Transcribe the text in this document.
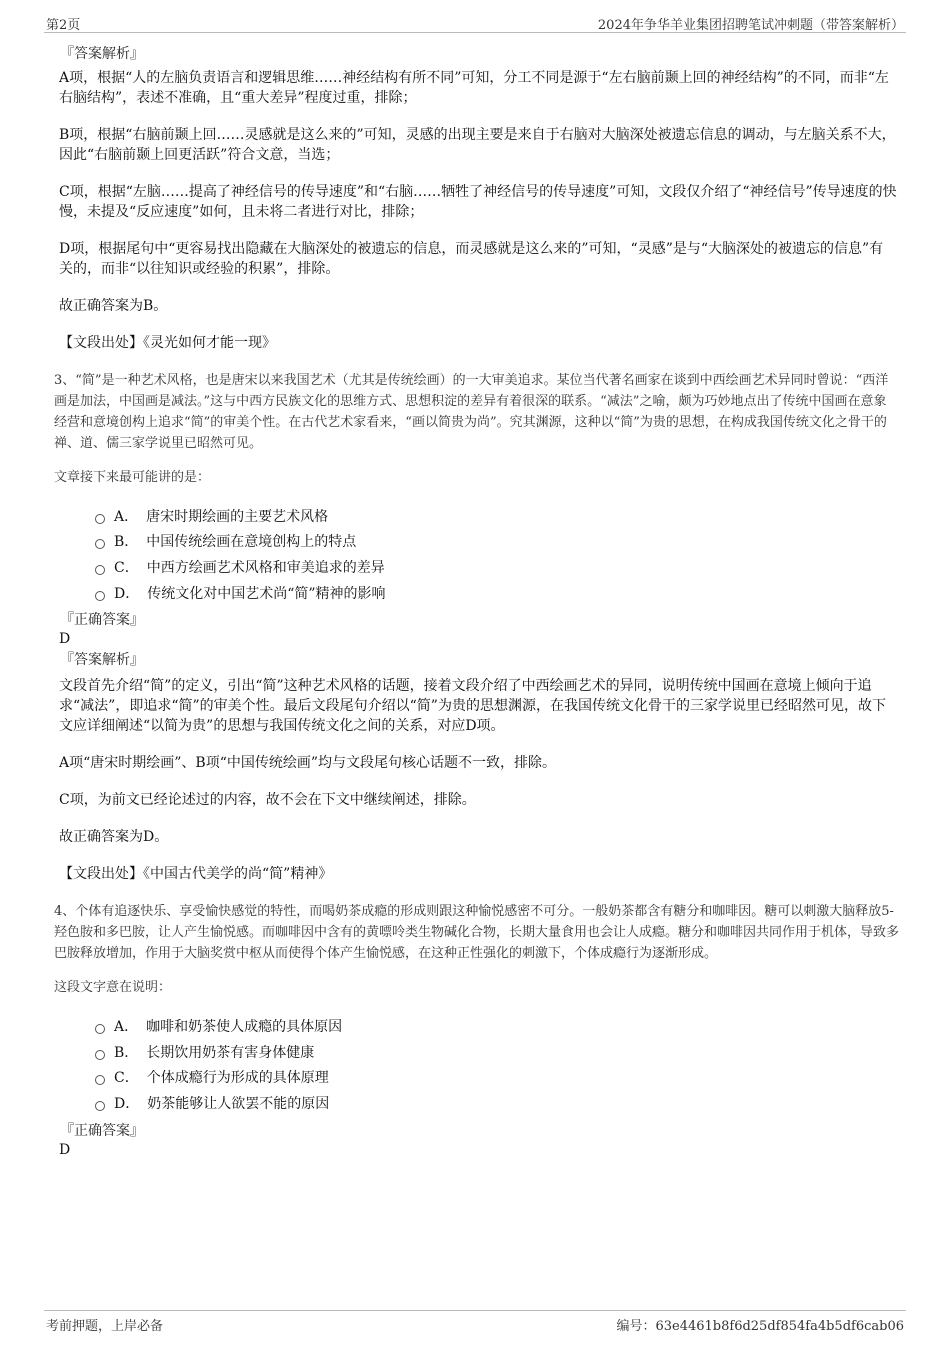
第2页	2024年争华羊业集团招聘笔试冲刺题（带答案解析）
『答案解析』
A项，根据“人的左脑负责语言和逻辑思维……神经结构有所不同”可知，分工不同是源于“左右脑前颞上回的神经结构”的不同，而非“左右脑结构”，表述不准确，且“重大差异”程度过重，排除；
B项，根据“右脑前颞上回……灵感就是这么来的”可知，灵感的出现主要是来自于右脑对大脑深处被遗忘信息的调动，与左脑关系不大，因此“右脑前颞上回更活跃”符合文意，当选；
C项，根据“左脑……提高了神经信号的传导速度”和“右脑……牺牲了神经信号的传导速度”可知，文段仅介绍了“神经信号”传导速度的快慢，未提及“反应速度”如何，且未将二者进行对比，排除；
D项，根据尾句中“更容易找出隐藏在大脑深处的被遗忘的信息，而灵感就是这么来的”可知，“灵感”是与“大脑深处的被遗忘的信息”有关的，而非“以往知识或经验的积累”，排除。
故正确答案为B。
【文段出处】《灵光如何才能一现》
3、“简”是一种艺术风格，也是唐宋以来我国艺术（尤其是传统绘画）的一大审美追求。某位当代著名画家在谈到中西绘画艺术异同时曾说：“西洋画是加法，中国画是减法。”这与中西方民族文化的思维方式、思想积淀的差异有着很深的联系。“减法”之喻，颇为巧妙地点出了传统中国画在意象经营和意境创构上追求“简”的审美个性。在古代艺术家看来，“画以简贵为尚”。究其渊源，这种以“简”为贵的思想，在构成我国传统文化之骨干的禅、道、儒三家学说里已昭然可见。
文章接下来最可能讲的是：
A． 唐宋时期绘画的主要艺术风格
B． 中国传统绘画在意境创构上的特点
C． 中西方绘画艺术风格和审美追求的差异
D． 传统文化对中国艺术尚“简”精神的影响
『正确答案』
D
『答案解析』
文段首先介绍“简”的定义，引出“简”这种艺术风格的话题，接着文段介绍了中西绘画艺术的异同，说明传统中国画在意境上倾向于追求“减法”，即追求“简”的审美个性。最后文段尾句介绍以“简”为贵的思想渊源，在我国传统文化骨干的三家学说里已经昭然可见，故下文应详细阐述“以简为贵”的思想与我国传统文化之间的关系，对应D项。
A项“唐宋时期绘画”、B项“中国传统绘画”均与文段尾句核心话题不一致，排除。
C项，为前文已经论述过的内容，故不会在下文中继续阐述，排除。
故正确答案为D。
【文段出处】《中国古代美学的尚“简”精神》
4、个体有追逐快乐、享受愉快感觉的特性，而喝奶茶成瘾的形成则跟这种愉悦感密不可分。一般奶茶都含有糖分和咖啡因。糖可以刺激大脑释放5-羟色胺和多巴胺，让人产生愉悦感。而咖啡因中含有的黄嘌呤类生物碱化合物，长期大量食用也会让人成瘾。糖分和咖啡因共同作用于机体，导致多巴胺释放增加，作用于大脑奖赏中枢从而使得个体产生愉悦感，在这种正性强化的刺激下，个体成瘾行为逐渐形成。
这段文字意在说明：
A． 咖啡和奶茶使人成瘾的具体原因
B． 长期饮用奶茶有害身体健康
C． 个体成瘾行为形成的具体原理
D． 奶茶能够让人欲罢不能的原因
『正确答案』
D
考前押题，上岸必备	编号：63e4461b8f6d25df854fa4b5df6cab06
